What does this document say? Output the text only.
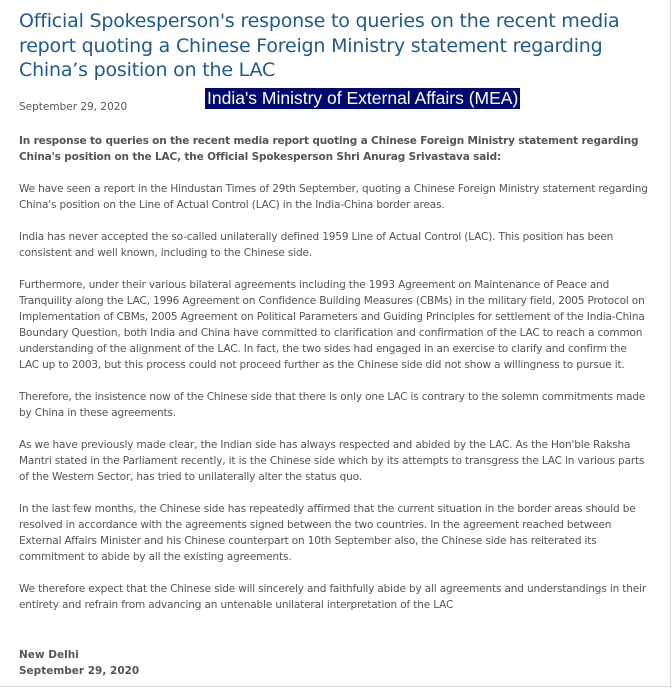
Official Spokesperson's response to queries on the recent media report quoting a Chinese Foreign Ministry statement regarding China’s position on the LAC

September 29, 2020	India's Ministry of External Affairs (MEA)

In response to queries on the recent media report quoting a Chinese Foreign Ministry statement regarding China's position on the LAC, the Official Spokesperson Shri Anurag Srivastava said:

We have seen a report in the Hindustan Times of 29th September, quoting a Chinese Foreign Ministry statement regarding China's position on the Line of Actual Control (LAC) in the India-China border areas.

India has never accepted the so-called unilaterally defined 1959 Line of Actual Control (LAC). This position has been consistent and well known, including to the Chinese side.

Furthermore, under their various bilateral agreements including the 1993 Agreement on Maintenance of Peace and Tranquility along the LAC, 1996 Agreement on Confidence Building Measures (CBMs) in the military field, 2005 Protocol on Implementation of CBMs, 2005 Agreement on Political Parameters and Guiding Principles for settlement of the India-China Boundary Question, both India and China have committed to clarification and confirmation of the LAC to reach a common understanding of the alignment of the LAC. In fact, the two sides had engaged in an exercise to clarify and confirm the LAC up to 2003, but this process could not proceed further as the Chinese side did not show a willingness to pursue it.

Therefore, the insistence now of the Chinese side that there is only one LAC is contrary to the solemn commitments made by China in these agreements.

As we have previously made clear, the Indian side has always respected and abided by the LAC. As the Hon'ble Raksha Mantri stated in the Parliament recently, it is the Chinese side which by its attempts to transgress the LAC in various parts of the Western Sector, has tried to unilaterally alter the status quo.

In the last few months, the Chinese side has repeatedly affirmed that the current situation in the border areas should be resolved in accordance with the agreements signed between the two countries. In the agreement reached between External Affairs Minister and his Chinese counterpart on 10th September also, the Chinese side has reiterated its commitment to abide by all the existing agreements.

We therefore expect that the Chinese side will sincerely and faithfully abide by all agreements and understandings in their entirety and refrain from advancing an untenable unilateral interpretation of the LAC

New Delhi
September 29, 2020
